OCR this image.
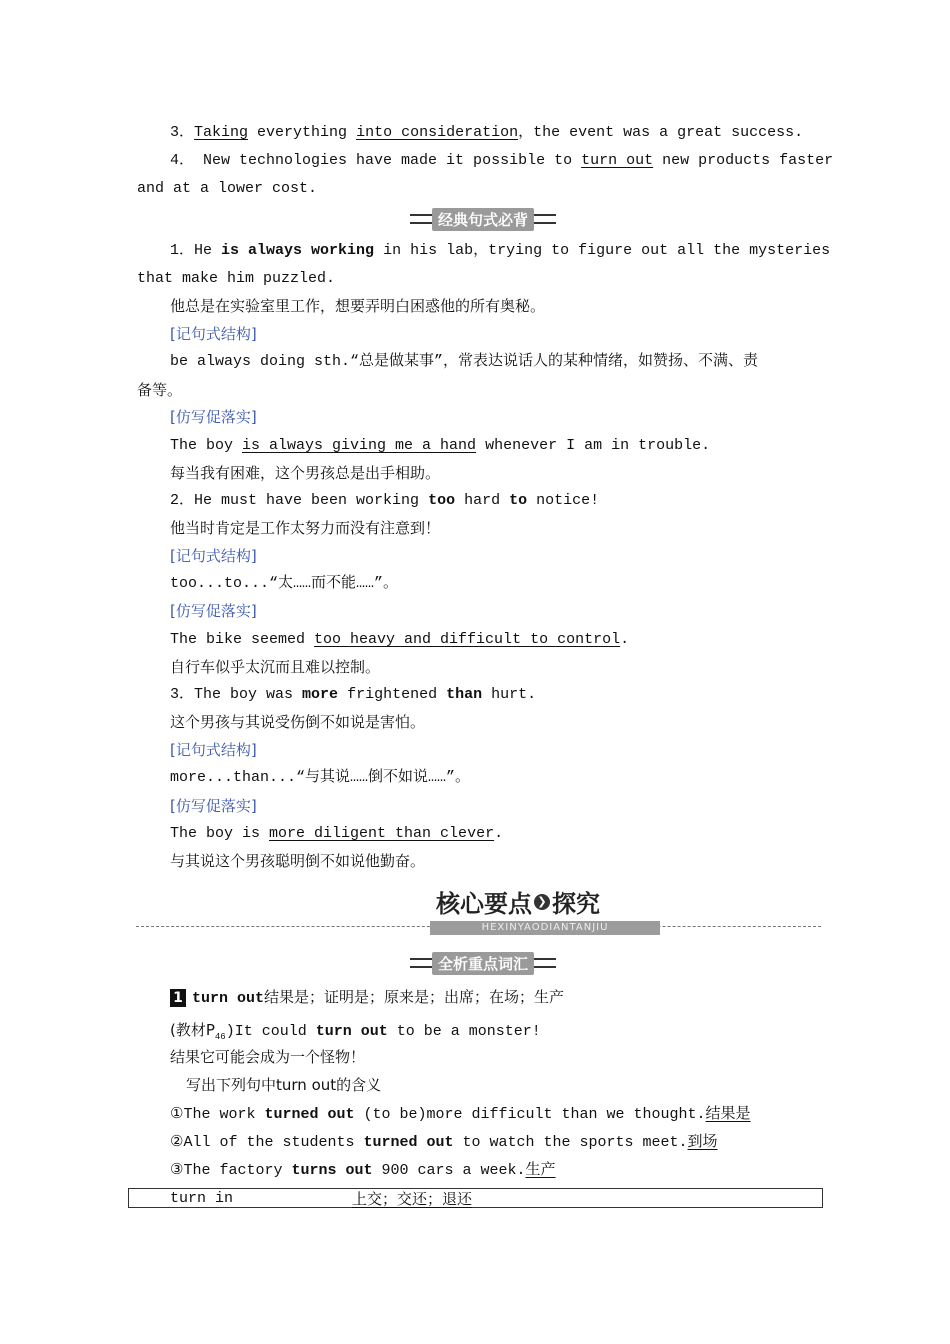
3．Taking everything into consideration，the event was a great success.
4． New technologies have made it possible to turn out new products faster
and at a lower cost.
经典句式必背
1．He is always working in his lab，trying to figure out all the mysteries
that make him puzzled.
他总是在实验室里工作，想要弄明白困惑他的所有奥秘。
[记句式结构]
be always doing sth.“总是做某事”，常表达说话人的某种情绪，如赞扬、不满、责
备等。
[仿写促落实]
The boy is always giving me a hand whenever I am in trouble.
每当我有困难，这个男孩总是出手相助。
2．He must have been working too hard to notice!
他当时肯定是工作太努力而没有注意到！
[记句式结构]
too...to...“太……而不能……”。
[仿写促落实]
The bike seemed too heavy and difficult to control.
自行车似乎太沉而且难以控制。
3．The boy was more frightened than hurt.
这个男孩与其说受伤倒不如说是害怕。
[记句式结构]
more...than...“与其说……倒不如说……”。
[仿写促落实]
The boy is more diligent than clever.
与其说这个男孩聪明倒不如说他勤奋。
核心要点 ❯ 探究
HEXINYAODIANTANJIU
全析重点词汇
1 turn out结果是；证明是；原来是；出席；在场；生产
(教材$P_{46})It$ could turn out to be a monster!
结果它可能会成为一个怪物！
写出下列句中turn out的含义
①The work turned out (to be)more difficult than we thought.结果是
②All of the students turned out to watch the sports meet.到场
③The factory turns out 900 cars a week.生产
turn in	上交；交还；退还
